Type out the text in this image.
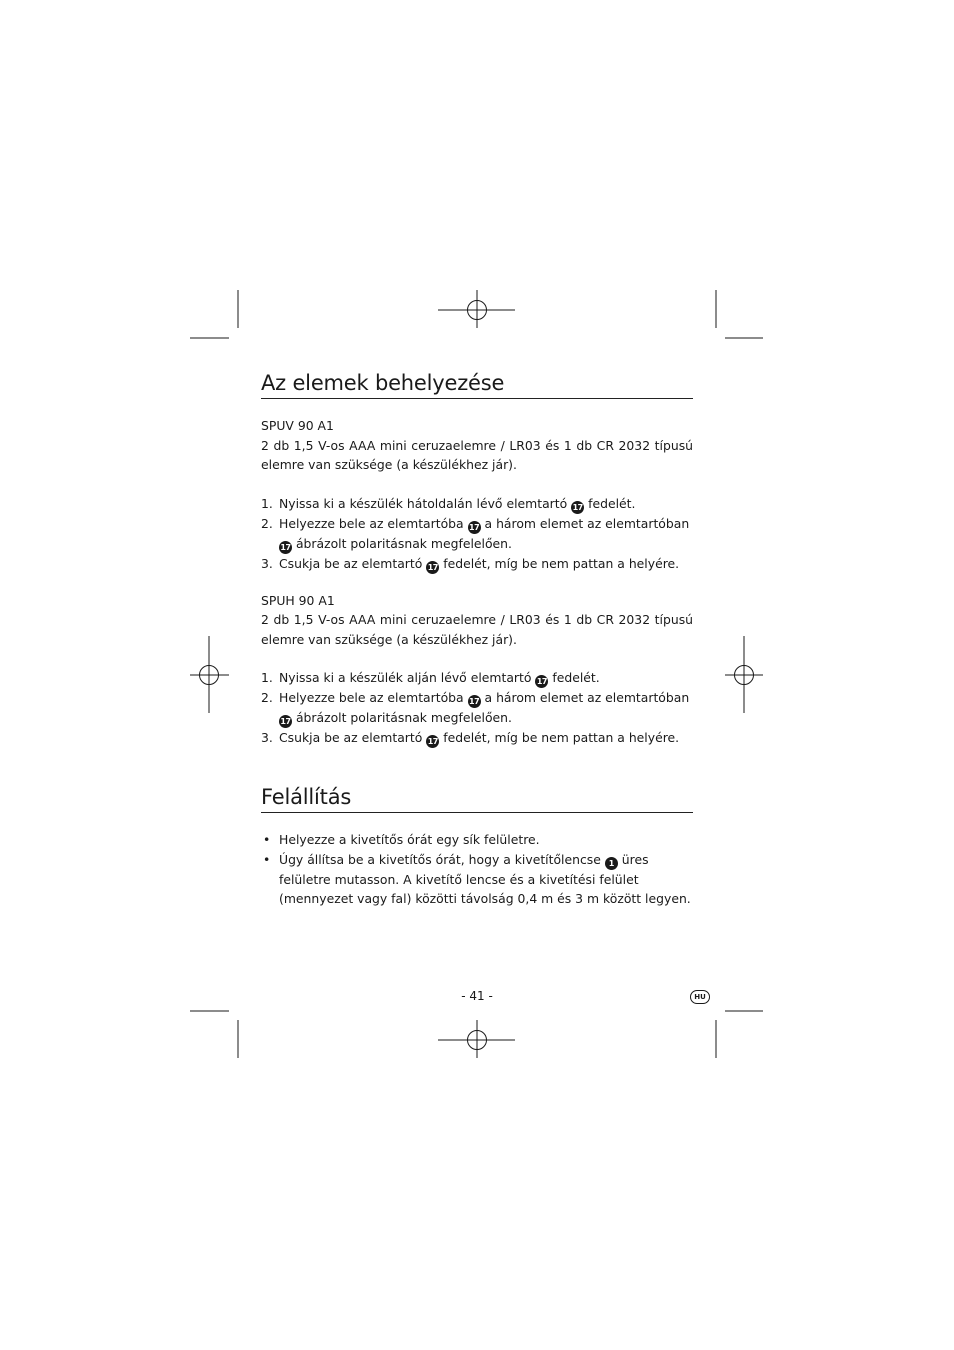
Az elemek behelyezése

SPUV 90 A1

2 db 1,5 V-os AAA mini ceruzaelemre / LR03 és 1 db CR 2032 típusú elemre van szüksége (a készülékhez jár).

1. Nyissa ki a készülék hátoldalán lévő elemtartó 17 fedelét.
2. Helyezze bele az elemtartóba 17 a három elemet az elemtartóban 17 ábrázolt polaritásnak megfelelően.
3. Csukja be az elemtartó 17 fedelét, míg be nem pattan a helyére.

SPUH 90 A1

2 db 1,5 V-os AAA mini ceruzaelemre / LR03 és 1 db CR 2032 típusú elemre van szüksége (a készülékhez jár).

1. Nyissa ki a készülék alján lévő elemtartó 17 fedelét.
2. Helyezze bele az elemtartóba 17 a három elemet az elemtartóban 17 ábrázolt polaritásnak megfelelően.
3. Csukja be az elemtartó 17 fedelét, míg be nem pattan a helyére.
Felállítás
• Helyezze a kivetítős órát egy sík felületre.
• Úgy állítsa be a kivetítős órát, hogy a kivetítőlencse 1 üres felületre mutasson. A kivetítő lencse és a kivetítési felület (mennyezet vagy fal) közötti távolság 0,4 m és 3 m között legyen.
- 41 -	HU
